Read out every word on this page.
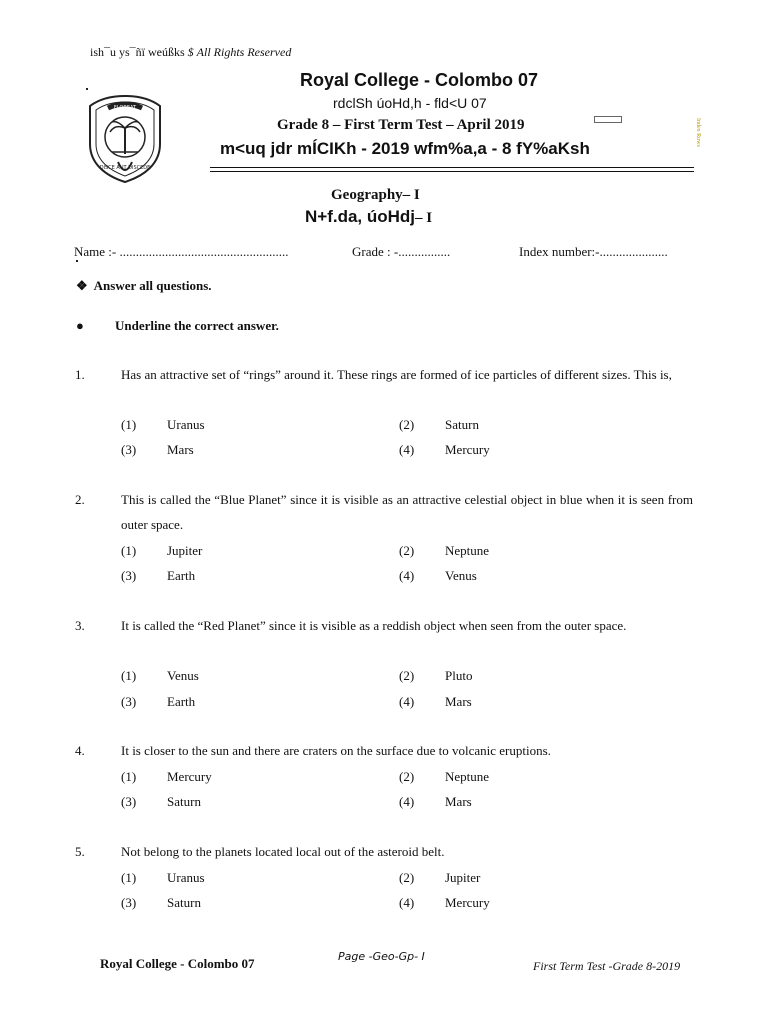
ish¯u ys¯ñï weúßks $ All Rights Reserved
FLOREAT
DISCE AUT DISCEDE
Royal College - Colombo 07
rdclSh úoHd,h - fld<U 07
Grade 8 – First Term Test – April 2019	Index Rows
m<uq jdr mÍCIKh - 2019 wfm%a,a - 8 fY%aKsh
Geography– I
N+f.da, úoHdj– I
Name :- ....................................................	Grade : -................	Index number:-.....................
❖ Answer all questions.
● Underline the correct answer.
1.	Has an attractive set of “rings” around it. These rings are formed of ice particles of different sizes. This is,
(1) Uranus	(2) Saturn
(3) Mars	(4) Mercury
2.	This is called the “Blue Planet” since it is visible as an attractive celestial object in blue when it is seen from outer space.
(1) Jupiter	(2) Neptune
(3) Earth	(4) Venus
3.	It is called the “Red Planet” since it is visible as a reddish object when seen from the outer space.
(1) Venus	(2) Pluto
(3) Earth	(4) Mars
4.	It is closer to the sun and there are craters on the surface due to volcanic eruptions.
(1) Mercury	(2) Neptune
(3) Saturn	(4) Mars
5.	Not belong to the planets located local out of the asteroid belt.
(1) Uranus	(2) Jupiter
(3) Saturn	(4) Mercury
Royal College - Colombo 07	Page -Geo-Gp- I
First Term Test -Grade 8-2019
